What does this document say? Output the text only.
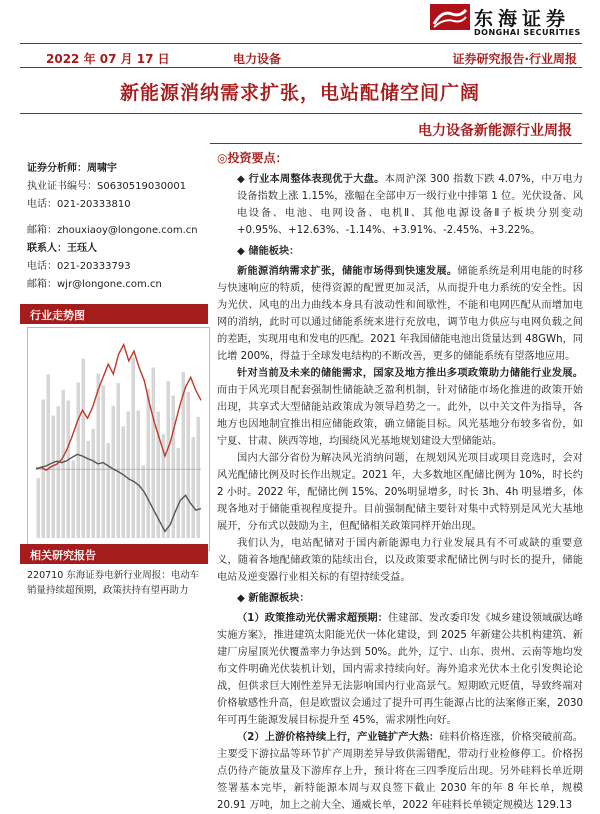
东海证券
DONGHAI SECURITIES
2022 年 07 月 17 日	电力设备	证券研究报告·行业周报
新能源消纳需求扩张，电站配储空间广阔
电力设备新能源行业周报
证券分析师：周啸宇
执业证书编号：S0630519030001
电话：021-20333810
邮箱：zhouxiaoy@longone.com.cn
联系人：王珏人
电话：021-20333793
邮箱：wjr@longone.com.cn
行业走势图
相关研究报告
220710 东海证券电新行业周报：电动车销量持续超预期，政策扶持有望再助力

◎投资要点：

◆ 行业本周整体表现优于大盘。本周沪深 300 指数下跌 4.07%，中万电力设备指数上涨 1.15%，涨幅在全部申万一级行业中排第 1 位。光伏设备、风电设备、电池、电网设备、电机Ⅱ、其他电源设备Ⅱ子板块分别变动+0.95%、+12.63%、-1.14%、+3.91%、-2.45%、+3.22%。

◆ 储能板块：

新能源消纳需求扩张，储能市场得到快速发展。储能系统是利用电能的时移与快速响应的特质，使得资源的配置更加灵活，从而提升电力系统的安全性。因为光伏、风电的出力曲线本身具有波动性和间歇性，不能和电网匹配从而增加电网的消纳，此时可以通过储能系统来进行充放电，调节电力供应与电网负载之间的差距，实现用电和发电的匹配。2021 年我国储能电池出货量达到 48GWh，同比增 200%，得益于全球发电结构的不断改善，更多的储能系统有望落地应用。

针对当前及未来的储能需求，国家及地方推出多项政策助力储能行业发展。而由于风光项目配套强制性储能缺乏盈利机制，针对储能市场化推进的政策开始出现，共享式大型储能站政策成为领导趋势之一。此外，以中关文件为指导，各地方也因地制宜推出相应储能政策，确立储能目标。风光基地分布较多省份，如宁夏、甘肃、陕西等地，均围绕风光基地规划建设大型储能站。

国内大部分省份为解决风光消纳问题，在规划风光项目或项目竞选时，会对风光配储比例及时长作出规定。2021 年，大多数地区配储比例为 10%，时长约 2 小时。2022 年，配储比例 15%、20%明显增多，时长 3h、4h 明显增多，体现各地对于储能重视程度提升。目前强制配储主要针对集中式特别是风光大基地展开，分布式以鼓励为主，但配储相关政策同样开始出现。

我们认为，电站配储对于国内新能源电力行业发展具有不可或缺的重要意义，随着各地配储政策的陆续出台，以及政策要求配储比例与时长的提升，储能电站及逆变器行业相关标的有望持续受益。

◆ 新能源板块：

（1）政策推动光伏需求超预期：住建部、发改委印发《城乡建设领域碳达峰实施方案》，推进建筑太阳能光伏一体化建设，到 2025 年新建公共机构建筑、新建厂房屋顶光伏覆盖率力争达到 50%。此外，辽宁、山东、贵州、云南等地均发布文件明确光伏装机计划，国内需求持续向好。海外追求光伏本土化引发舆论论战，但供求巨大刚性差异无法影响国内行业高景气。短期欧元贬值，导致终端对价格敏感性升高，但是欧盟议会通过了提升可再生能源占比的法案修正案，2030 年可再生能源发展目标提升至 45%，需求刚性向好。

（2）上游价格持续上行，产业链扩产大热：硅料价格连涨，价格突破前高。主要受下游拉晶等环节扩产周期差异导致供需错配，带动行业检修停工。价格拐点仍待产能放量及下游库存上升，预计将在三四季度后出现。另外硅料长单近期签署基本完毕，新特能源本周与双良签下截止 2030 年的年 8 年长单，规模 20.91 万吨，加上之前大全、通威长单，2022 年硅料长单锁定规模达 129.13
